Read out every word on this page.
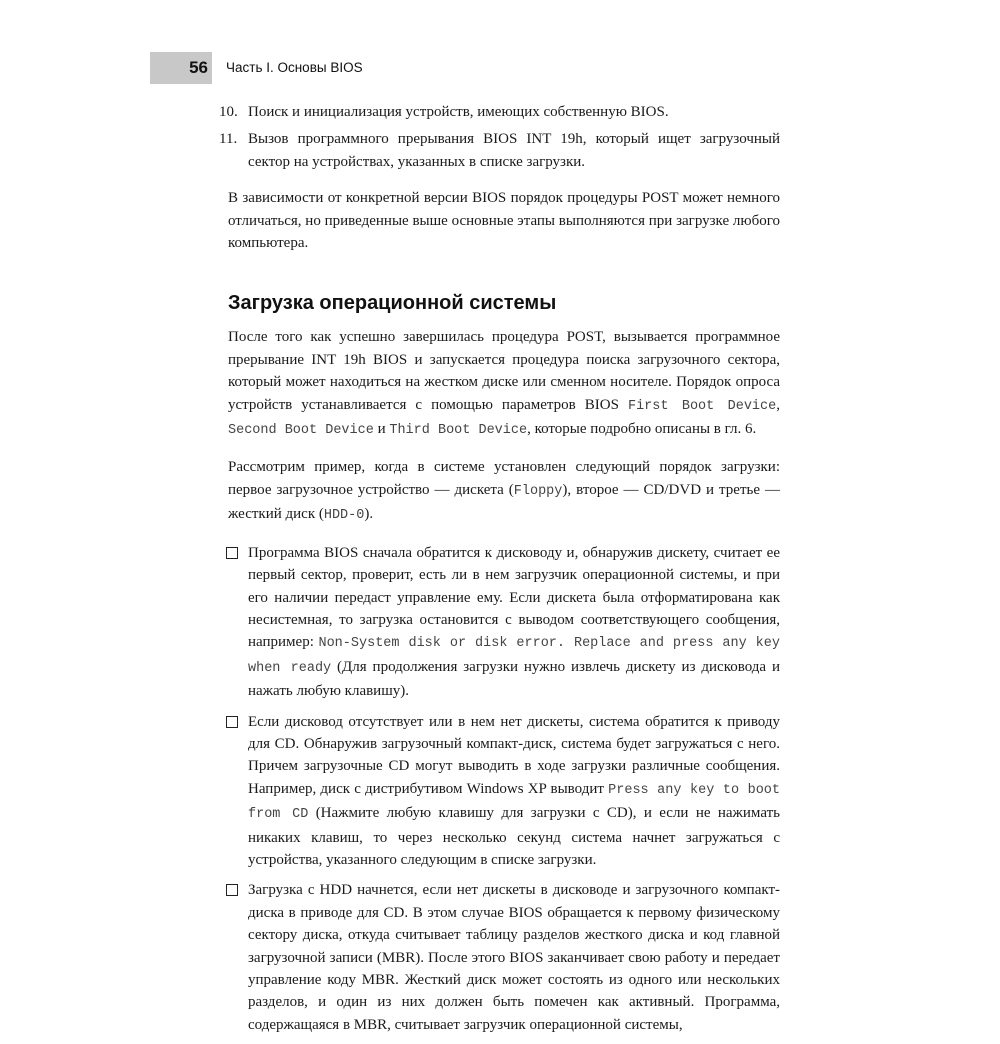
56 Часть I. Основы BIOS
10. Поиск и инициализация устройств, имеющих собственную BIOS.
11. Вызов программного прерывания BIOS INT 19h, который ищет загрузочный сектор на устройствах, указанных в списке загрузки.

В зависимости от конкретной версии BIOS порядок процедуры POST может немного отличаться, но приведенные выше основные этапы выполняются при загрузке любого компьютера.

Загрузка операционной системы

После того как успешно завершилась процедура POST, вызывается программное прерывание INT 19h BIOS и запускается процедура поиска загрузочного сектора, который может находиться на жестком диске или сменном носителе. Порядок опроса устройств устанавливается с помощью параметров BIOS First Boot Device, Second Boot Device и Third Boot Device, которые подробно описаны в гл. 6.

Рассмотрим пример, когда в системе установлен следующий порядок загрузки: первое загрузочное устройство — дискета (Floppy), второе — CD/DVD и третье — жесткий диск (HDD-0).

Программа BIOS сначала обратится к дисководу и, обнаружив дискету, считает ее первый сектор, проверит, есть ли в нем загрузчик операционной системы, и при его наличии передаст управление ему. Если дискета была отформатирована как несистемная, то загрузка остановится с выводом соответствующего сообщения, например: Non-System disk or disk error. Replace and press any key when ready (Для продолжения загрузки нужно извлечь дискету из дисковода и нажать любую клавишу).
Если дисковод отсутствует или в нем нет дискеты, система обратится к приводу для CD. Обнаружив загрузочный компакт-диск, система будет загружаться с него. Причем загрузочные CD могут выводить в ходе загрузки различные сообщения. Например, диск с дистрибутивом Windows XP выводит Press any key to boot from CD (Нажмите любую клавишу для загрузки с CD), и если не нажимать никаких клавиш, то через несколько секунд система начнет загружаться с устройства, указанного следующим в списке загрузки.
Загрузка с HDD начнется, если нет дискеты в дисководе и загрузочного компакт-диска в приводе для CD. В этом случае BIOS обращается к первому физическому сектору диска, откуда считывает таблицу разделов жесткого диска и код главной загрузочной записи (MBR). После этого BIOS заканчивает свою работу и передает управление коду MBR. Жесткий диск может состоять из одного или нескольких разделов, и один из них должен быть помечен как активный. Программа, содержащаяся в MBR, считывает загрузчик операционной системы,
